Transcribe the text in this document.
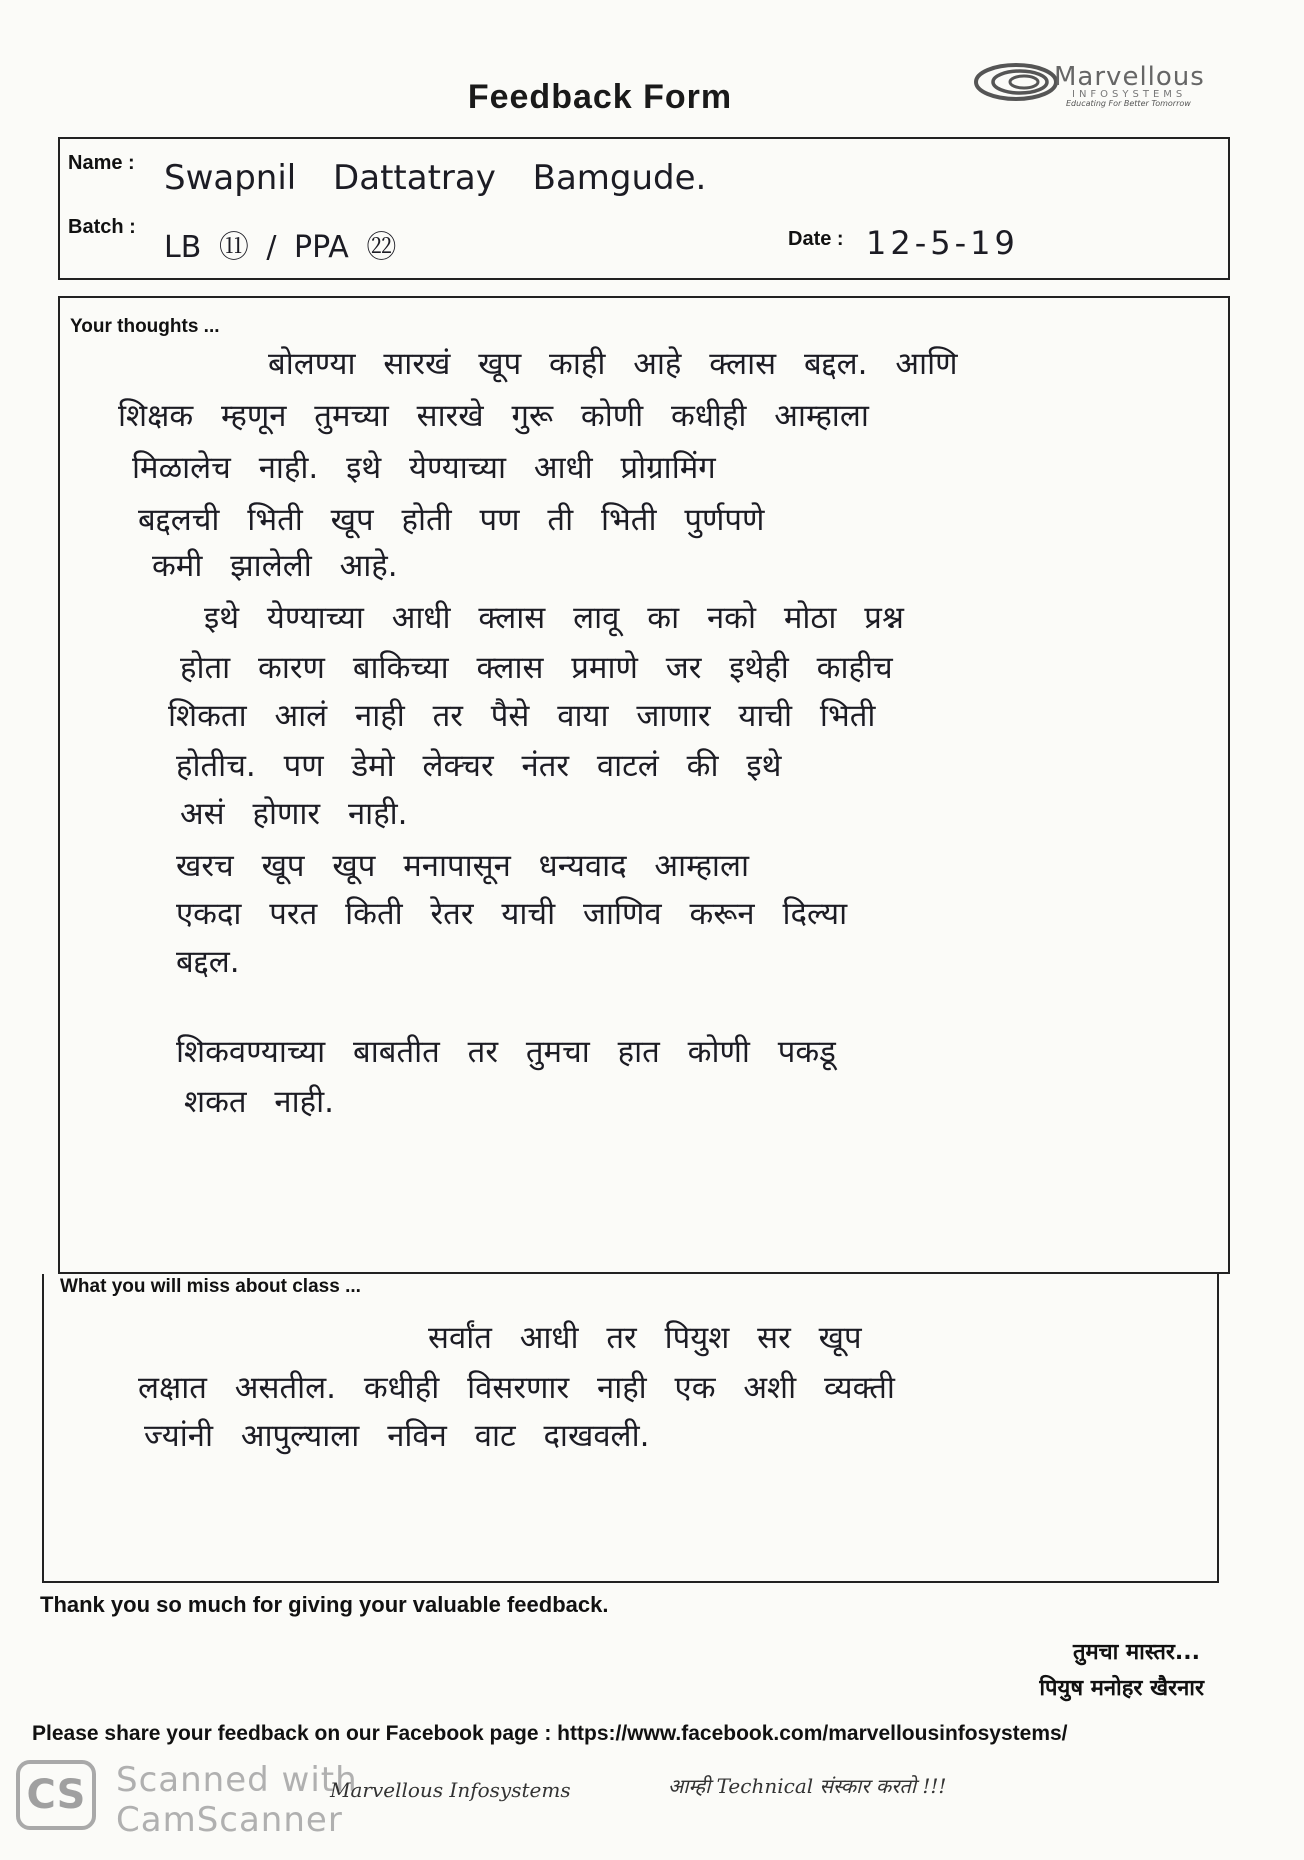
Feedback Form
Marvellous
INFOSYSTEMS
Educating For Better Tomorrow
Name : Swapnil Dattatray Bamgude.
Batch :
LB ⑪ / PPA ㉒	Date : 12-5-19
Your thoughts ...
बोलण्या सारखं खूप काही आहे क्लास बद्दल. आणि
शिक्षक म्हणून तुमच्या सारखे गुरू कोणी कधीही आम्हाला
मिळालेच नाही. इथे येण्याच्या आधी प्रोग्रामिंग
बद्दलची भिती खूप होती पण ती भिती पुर्णपणे
कमी झालेली आहे.
इथे येण्याच्या आधी क्लास लावू का नको मोठा प्रश्न
होता कारण बाकिच्या क्लास प्रमाणे जर इथेही काहीच
शिकता आलं नाही तर पैसे वाया जाणार याची भिती
होतीच. पण डेमो लेक्चर नंतर वाटलं की इथे
असं होणार नाही.
खरच खूप खूप मनापासून धन्यवाद आम्हाला
एकदा परत किती रेतर याची जाणिव करून दिल्या
बद्दल.
शिकवण्याच्या बाबतीत तर तुमचा हात कोणी पकडू
शकत नाही.
What you will miss about class ...
सर्वांत आधी तर पियुश सर खूप
लक्षात असतील. कधीही विसरणार नाही एक अशी व्यक्ती
ज्यांनी आपुल्याला नविन वाट दाखवली.
Thank you so much for giving your valuable feedback.
तुमचा मास्तर...
पियुष मनोहर खैरनार
Please share your feedback on our Facebook page : https://www.facebook.com/marvellousinfosystems/
CS Scanned with
CamScanner
Marvellous Infosystems	आम्ही Technical संस्कार करतो !!!
